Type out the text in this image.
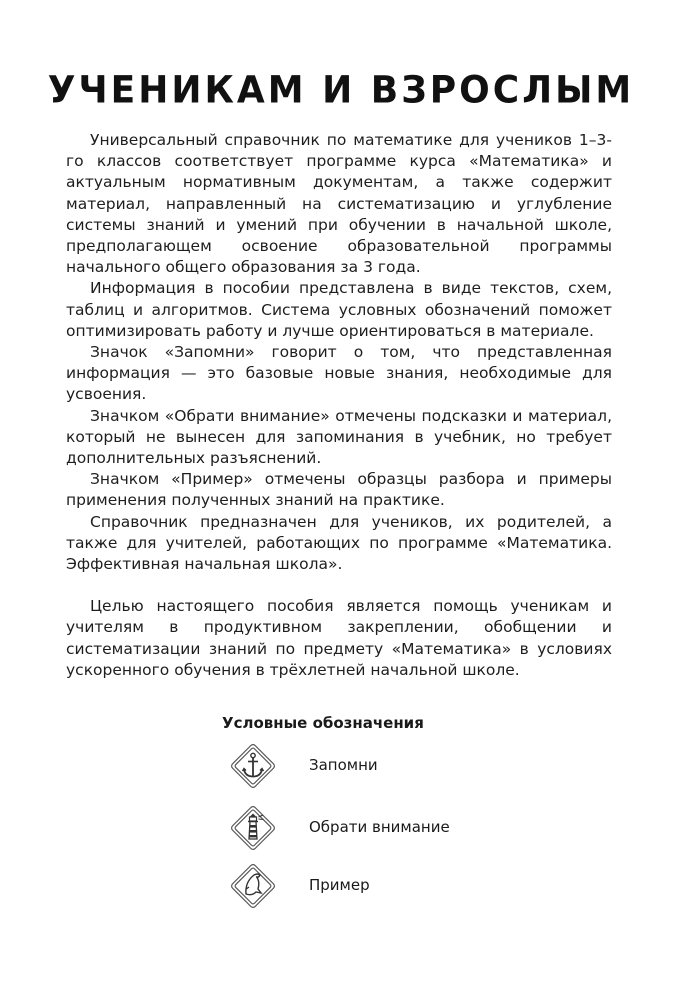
УЧЕНИКАМ И ВЗРОСЛЫМ

Универсальный справочник по математике для учеников 1–3-го классов соответствует программе курса «Математика» и актуальным нормативным документам, а также содержит материал, направленный на систематизацию и углубление системы знаний и умений при обучении в начальной школе, предполагающем освоение образовательной программы начального общего образования за 3 года.

Информация в пособии представлена в виде текстов, схем, таблиц и алгоритмов. Система условных обозначений поможет оптимизировать работу и лучше ориентироваться в материале.

Значок «Запомни» говорит о том, что представленная информация — это базовые новые знания, необходимые для усвоения.

Значком «Обрати внимание» отмечены подсказки и материал, который не вынесен для запоминания в учебник, но требует дополнительных разъяснений.

Значком «Пример» отмечены образцы разбора и примеры применения полученных знаний на практике.

Справочник предназначен для учеников, их родителей, а также для учителей, работающих по программе «Математика. Эффективная начальная школа».

Целью настоящего пособия является помощь ученикам и учителям в продуктивном закреплении, обобщении и систематизации знаний по предмету «Математика» в условиях ускоренного обучения в трёхлетней начальной школе.

Условные обозначения
Запомни
Обрати внимание
Пример
